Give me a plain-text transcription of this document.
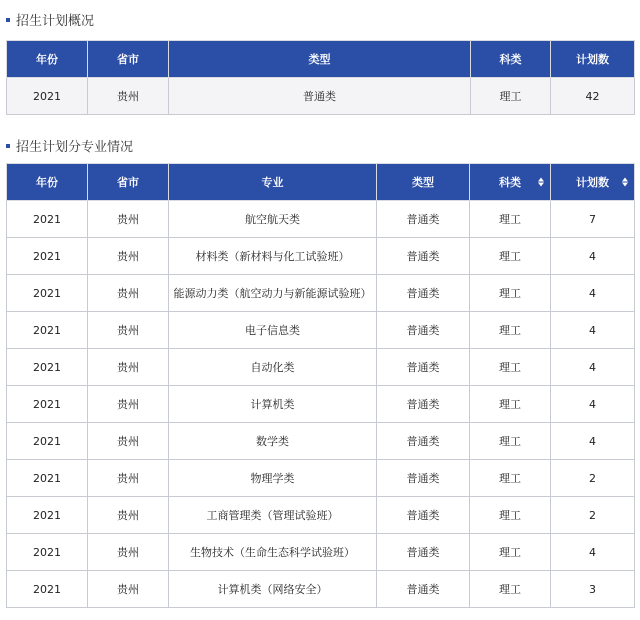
招生计划概况
年份	省市	类型	科类	计划数
2021	贵州	普通类	理工	42
招生计划分专业情况
年份	省市	专业	类型	科类	计划数

2021	贵州	航空航天类	普通类	理工	7
2021	贵州	材料类（新材料与化工试验班）	普通类	理工	4
2021	贵州	能源动力类（航空动力与新能源试验班）	普通类	理工	4
2021	贵州	电子信息类	普通类	理工	4
2021	贵州	自动化类	普通类	理工	4
2021	贵州	计算机类	普通类	理工	4
2021	贵州	数学类	普通类	理工	4
2021	贵州	物理学类	普通类	理工	2
2021	贵州	工商管理类（管理试验班）	普通类	理工	2
2021	贵州	生物技术（生命生态科学试验班）	普通类	理工	4
2021	贵州	计算机类（网络安全）	普通类	理工	3
